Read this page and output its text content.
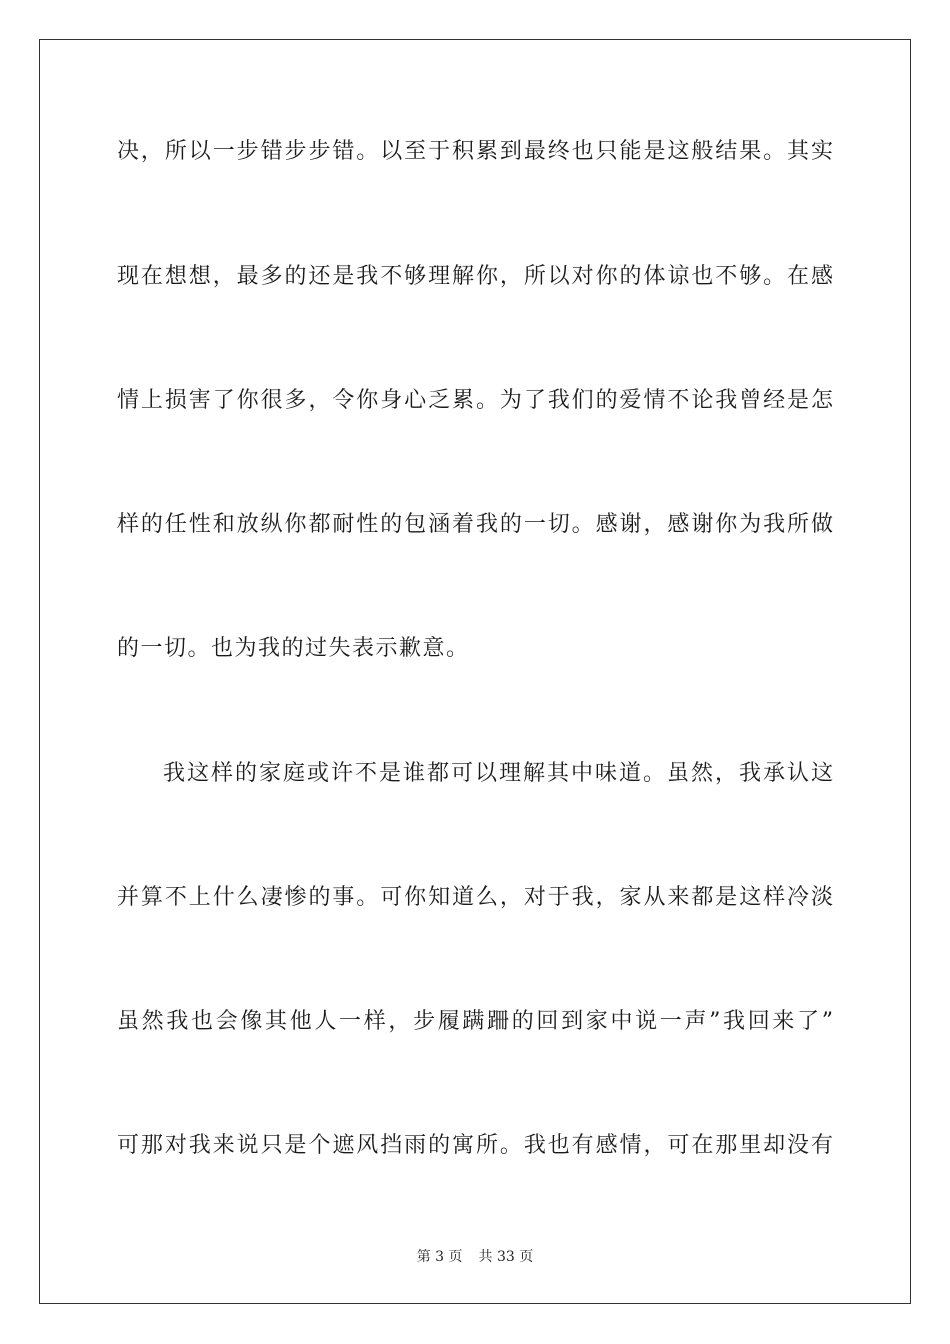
决，所以一步错步步错。以至于积累到最终也只能是这般结果。其实
现在想想，最多的还是我不够理解你，所以对你的体谅也不够。在感
情上损害了你很多，令你身心乏累。为了我们的爱情不论我曾经是怎
样的任性和放纵你都耐性的包涵着我的一切。感谢，感谢你为我所做
的一切。也为我的过失表示歉意。
我这样的家庭或许不是谁都可以理解其中味道。虽然，我承认这
并算不上什么凄惨的事。可你知道么，对于我，家从来都是这样冷淡
虽然我也会像其他人一样，步履蹒跚的回到家中说一声”我回来了”
可那对我来说只是个遮风挡雨的寓所。我也有感情，可在那里却没有
第 3 页 共 33 页
